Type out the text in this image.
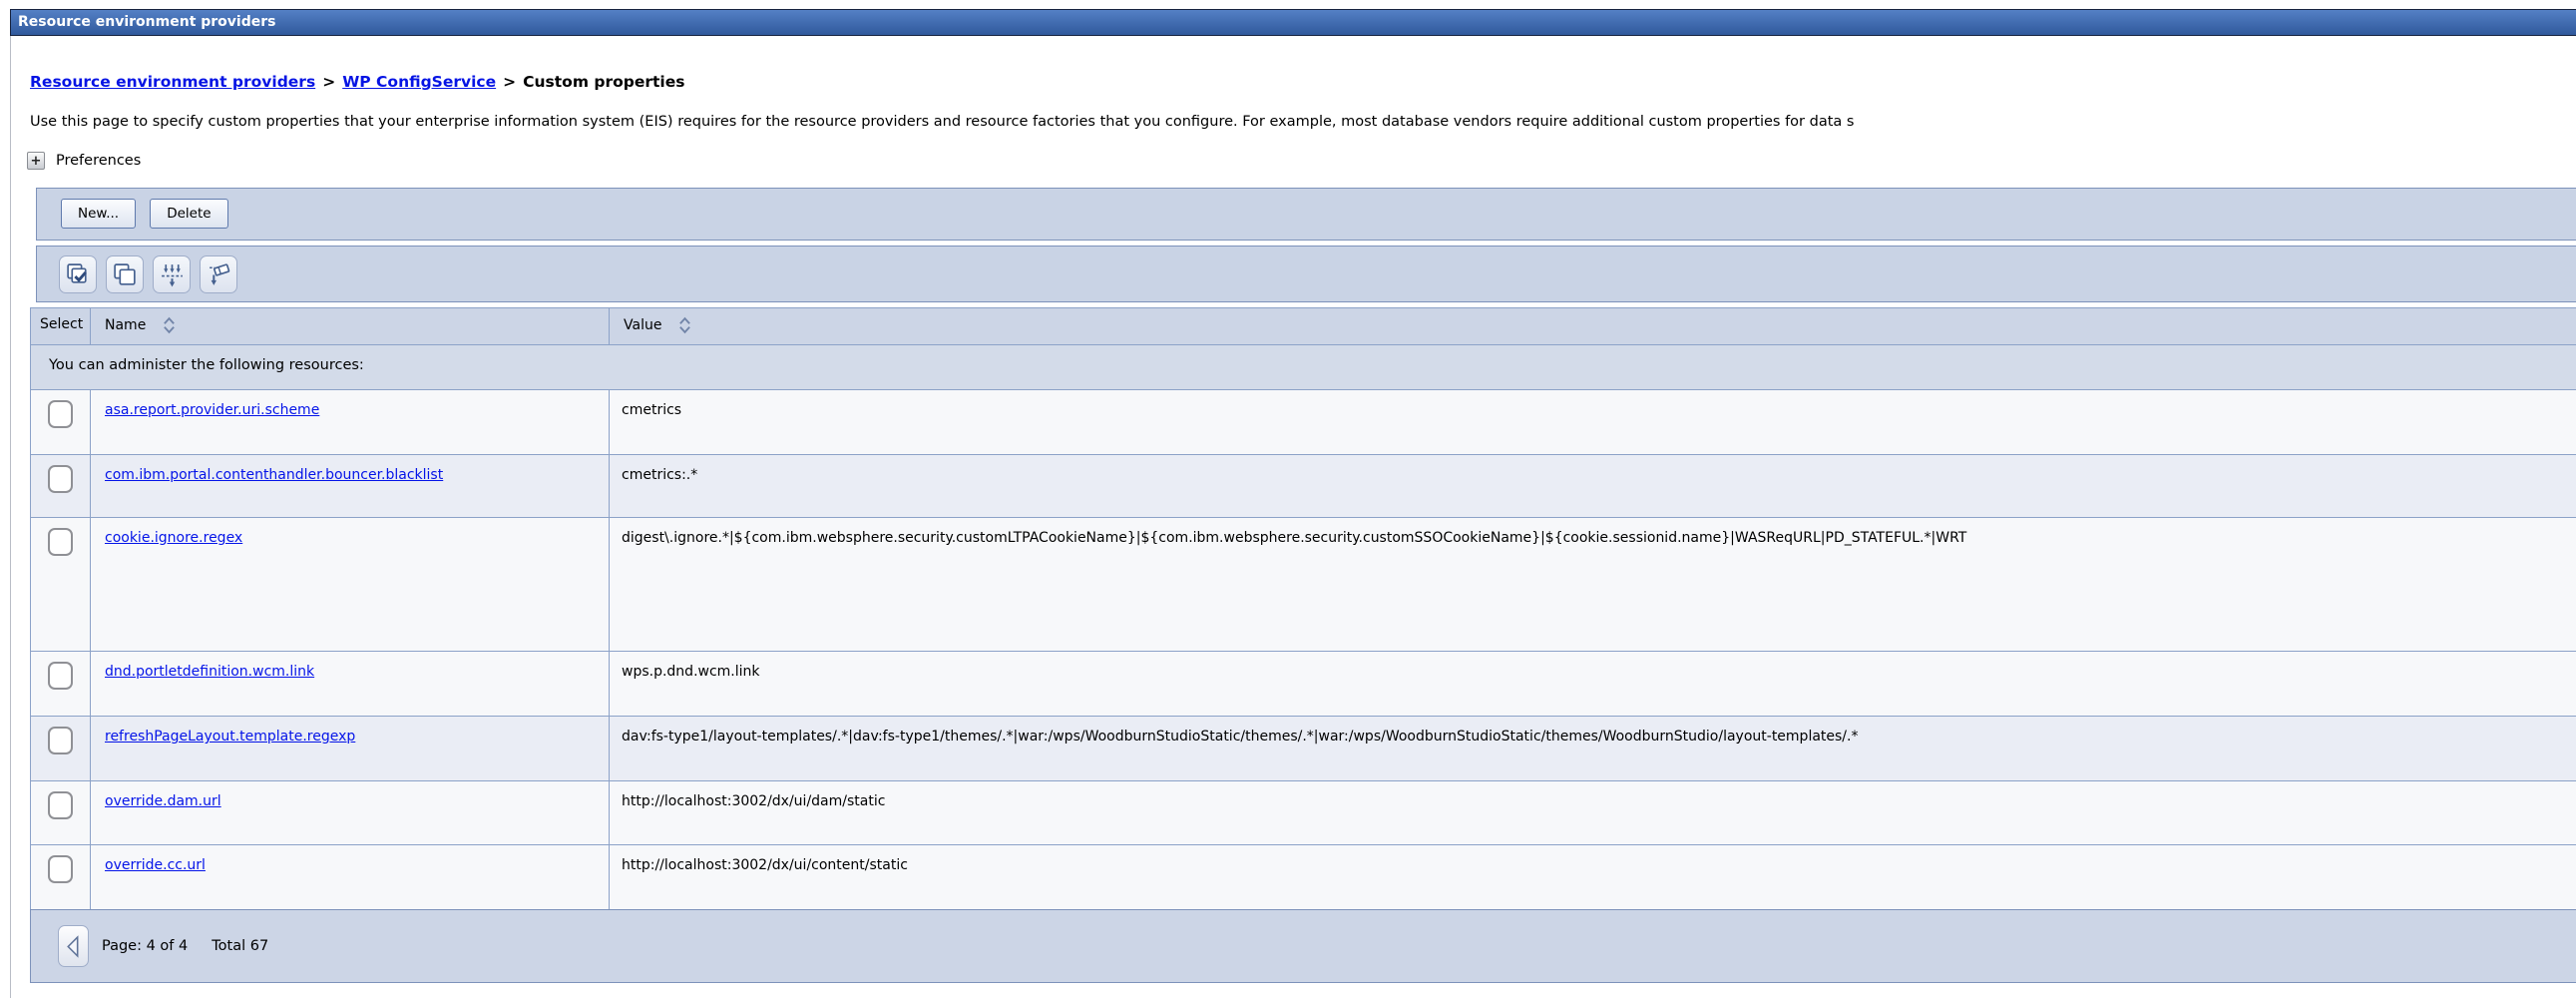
Resource environment providers
Resource environment providers > WP ConfigService > Custom properties
Use this page to specify custom properties that your enterprise information system (EIS) requires for the resource providers and resource factories that you configure. For example, most database vendors require additional custom properties for data s
+ Preferences
New...	Delete
Select	Name	Value

You can administer the following resources:		

	asa.report.provider.uri.scheme	cmetrics

	com.ibm.portal.contenthandler.bouncer.blacklist	cmetrics:.*

	cookie.ignore.regex	digest\.ignore.*|${com.ibm.websphere.security.customLTPACookieName}|${com.ibm.websphere.security.customSSOCookieName}|${cookie.sessionid.name}|WASReqURL|PD_STATEFUL.*|WRT

	dnd.portletdefinition.wcm.link	wps.p.dnd.wcm.link

	refreshPageLayout.template.regexp	dav:fs-type1/layout-templates/.*|dav:fs-type1/themes/.*|war:/wps/WoodburnStudioStatic/themes/.*|war:/wps/WoodburnStudioStatic/themes/WoodburnStudio/layout-templates/.*

	override.dam.url	http://localhost:3002/dx/ui/dam/static

	override.cc.url	http://localhost:3002/dx/ui/content/static
Page: 4 of 4 Total 67
